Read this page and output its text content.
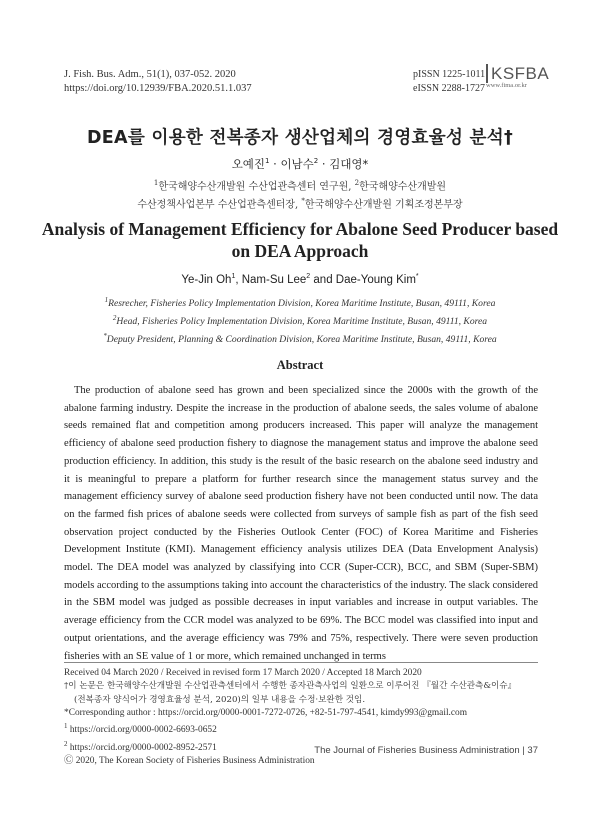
J. Fish. Bus. Adm., 51(1), 037-052. 2020
https://doi.org/10.12939/FBA.2020.51.1.037
pISSN 1225-1011
eISSN 2288-1727
KSFBA
www.fima.or.kr
DEA를 이용한 전복종자 생산업체의 경영효율성 분석†
오예진$^1$ · 이남수$^2$ · 김대영*
$^1$한국해양수산개발원 수산업관측센터 연구원, $^2$한국해양수산개발원
수산정책사업본부 수산업관측센터장, *한국해양수산개발원 기획조정본부장
Analysis of Management Efficiency for Abalone Seed Producer based on DEA Approach
Ye-Jin Oh$^1$, Nam-Su Lee$^2$ and Dae-Young Kim*
$^1$Resrecher, Fisheries Policy Implementation Division, Korea Maritime Institute, Busan, 49111, Korea
$^2$Head, Fisheries Policy Implementation Division, Korea Maritime Institute, Busan, 49111, Korea
*Deputy President, Planning & Coordination Division, Korea Maritime Institute, Busan, 49111, Korea
Abstract
The production of abalone seed has grown and been specialized since the 2000s with the growth of the abalone farming industry. Despite the increase in the production of abalone seeds, the sales volume of abalone seeds remained flat and competition among producers increased. This paper will analyze the management efficiency of abalone seed production fishery to diagnose the management status and improve the abalone seed production efficiency. In addition, this study is the result of the basic research on the abalone seed industry and it is meaningful to prepare a platform for further research since the management status survey and the management efficiency survey of abalone seed production fishery have not been conducted until now. The data on the farmed fish prices of abalone seeds were collected from surveys of sample fish as part of the fish seed observation project conducted by the Fisheries Outlook Center (FOC) of Korea Maritime and Fisheries Development Institute (KMI). Management efficiency analysis utilizes DEA (Data Envelopment Analysis) model. The DEA model was analyzed by classifying into CCR (Super-CCR), BCC, and SBM (Super-SBM) models according to the assumptions taking into account the characteristics of the industry. The slack considered in the SBM model was judged as possible decreases in input variables and increase in output variables. The average efficiency from the CCR model was analyzed to be 69%. The BCC model was classified into input and output orientations, and the average efficiency was 79% and 75%, respectively. There were seven production fisheries with an SE value of 1 or more, which remained unchanged in terms
Received 04 March 2020 / Received in revised form 17 March 2020 / Accepted 18 March 2020
†이 논문은 한국해양수산개발원 수산업관측센터에서 수행한 종자관측사업의 일환으로 이루어진 『월간 수산관측&이슈』
(전복종자 양식어가 경영효율성 분석, 2020)의 일부 내용을 수정·보완한 것임.
*Corresponding author : https://orcid.org/0000-0001-7272-0726, +82-51-797-4541, kimdy993@gmail.com
$^1$ https://orcid.org/0000-0002-6693-0652
$^2$ https://orcid.org/0000-0002-8952-2571
Ⓒ 2020, The Korean Society of Fisheries Business Administration
The Journal of Fisheries Business Administration | 37
